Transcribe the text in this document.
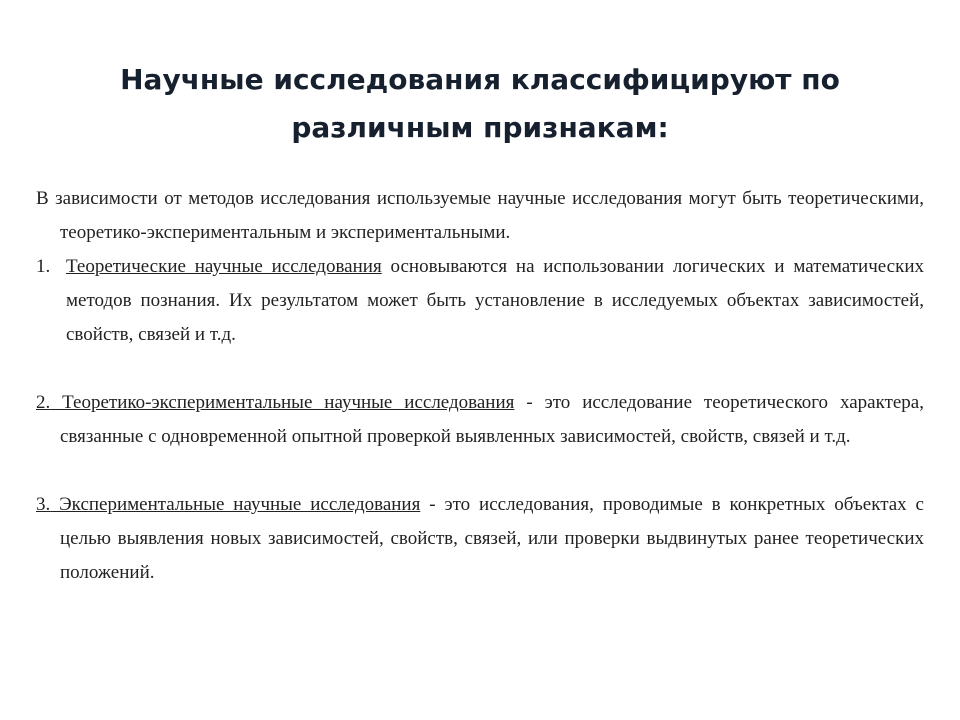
Научные исследования классифицируют по
различным признакам:

В зависимости от методов исследования используемые научные исследования могут быть теоретическими, теоретико-экспериментальным и экспериментальными.

1. Теоретические научные исследования основываются на использовании логических и математических методов познания. Их результатом может быть установление в исследуемых объектах зависимостей, свойств, связей и т.д.

2. Теоретико-экспериментальные научные исследования - это исследование теоретического характера, связанные с одновременной опытной проверкой выявленных зависимостей, свойств, связей и т.д.

3. Экспериментальные научные исследования - это исследования, проводимые в конкретных объектах с целью выявления новых зависимостей, свойств, связей, или проверки выдвинутых ранее теоретических положений.
